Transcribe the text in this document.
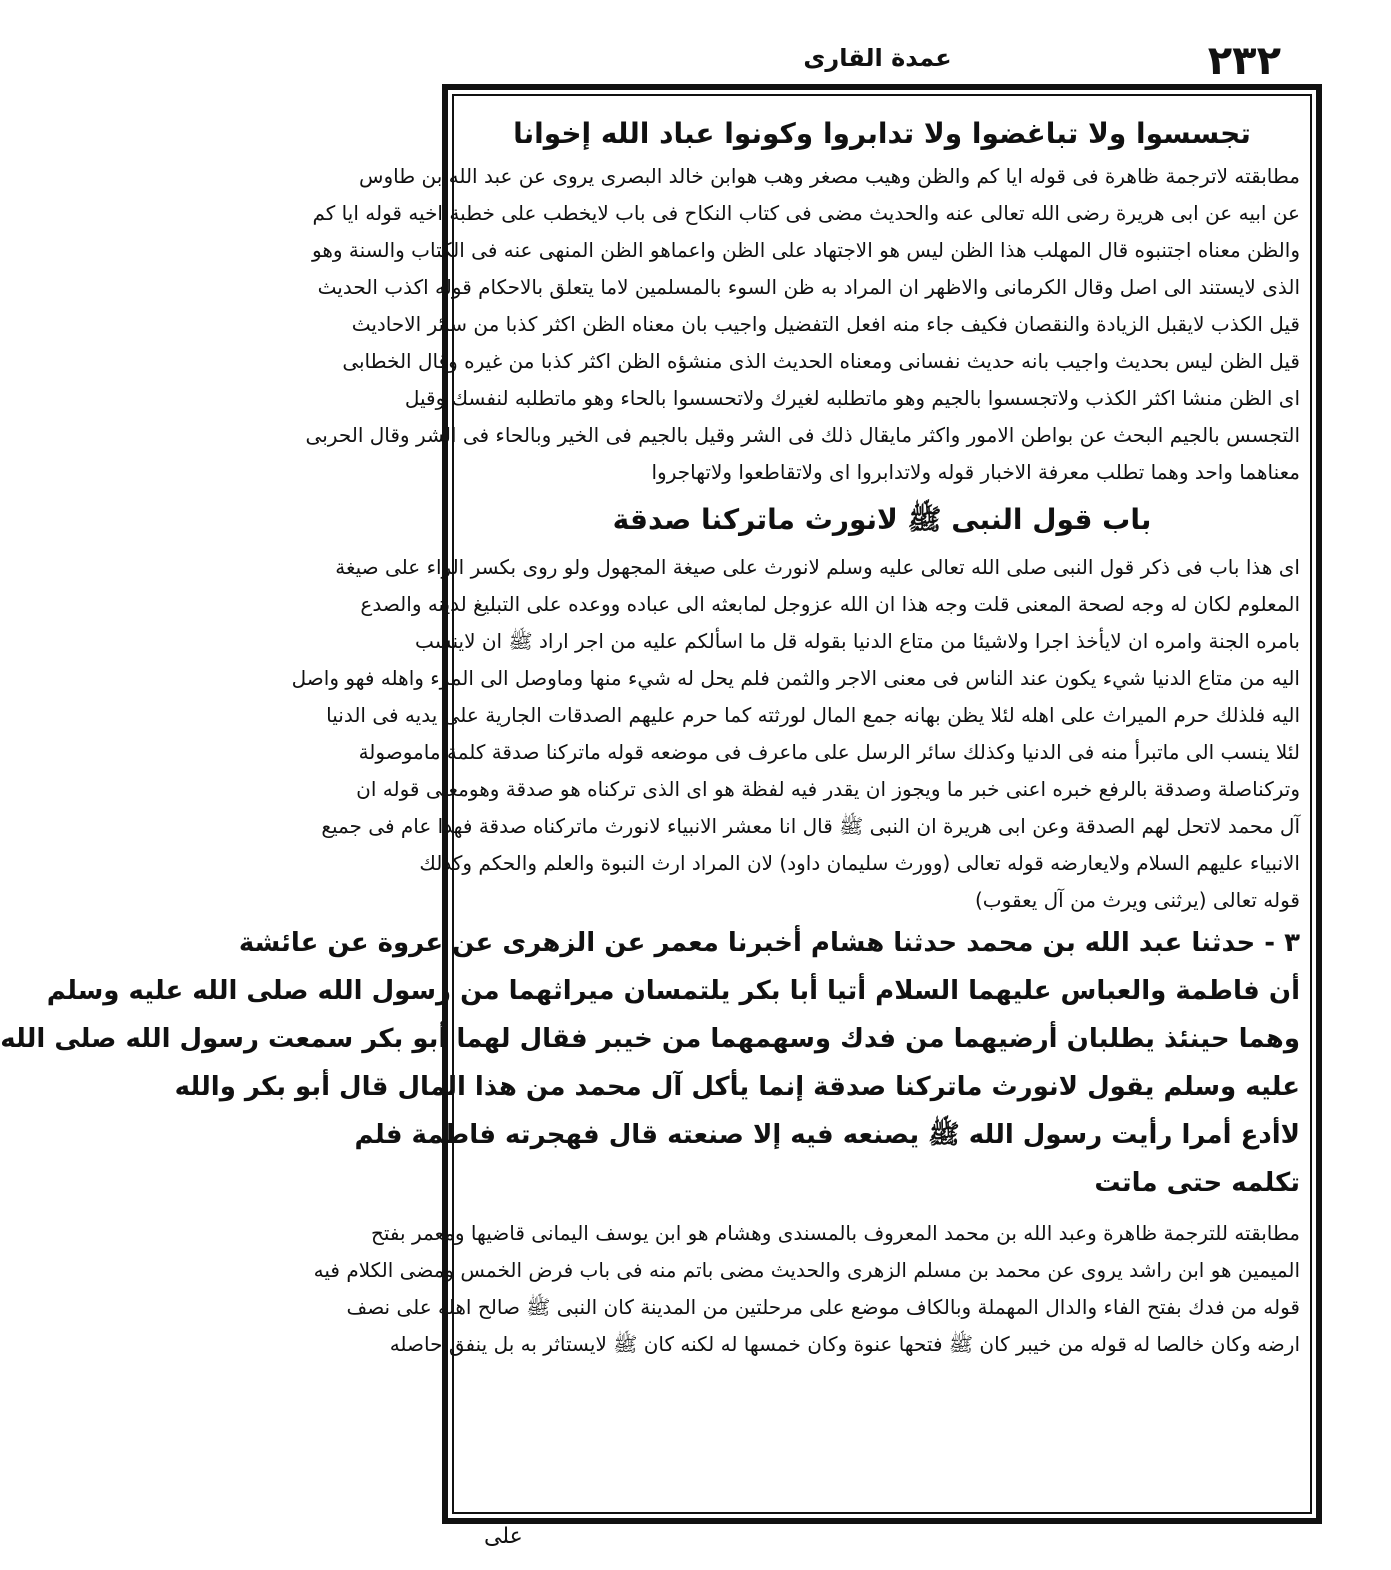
٢٣٢
عمدة القارى
تجسسوا ولا تباغضوا ولا تدابروا وكونوا عباد الله إخوانا
مطابقته لاترجمة ظاهرة فى قوله ايا كم والظن وهيب مصغر وهب هوابن خالد البصرى يروى عن عبد الله بن طاوس
عن ابيه عن ابى هريرة رضى الله تعالى عنه والحديث مضى فى كتاب النكاح فى باب لايخطب على خطبة اخيه قوله ايا كم
والظن معناه اجتنبوه قال المهلب هذا الظن ليس هو الاجتهاد على الظن واعماهو الظن المنهى عنه فى الكتاب والسنة وهو
الذى لايستند الى اصل وقال الكرمانى والاظهر ان المراد به ظن السوء بالمسلمين لاما يتعلق بالاحكام قوله اكذب الحديث
قيل الكذب لايقبل الزيادة والنقصان فكيف جاء منه افعل التفضيل واجيب بان معناه الظن اكثر كذبا من سائر الاحاديث
قيل الظن ليس بحديث واجيب بانه حديث نفسانى ومعناه الحديث الذى منشؤه الظن اكثر كذبا من غيره وقال الخطابى
اى الظن منشا اكثر الكذب ولاتجسسوا بالجيم وهو ماتطلبه لغيرك ولاتحسسوا بالحاء وهو ماتطلبه لنفسك وقيل
التجسس بالجيم البحث عن بواطن الامور واكثر مايقال ذلك فى الشر وقيل بالجيم فى الخير وبالحاء فى الشر وقال الحربى
معناهما واحد وهما تطلب معرفة الاخبار قوله ولاتدابروا اى ولاتقاطعوا ولاتهاجروا
باب قول النبى ﷺ لانورث ماتركنا صدقة
اى هذا باب فى ذكر قول النبى صلى الله تعالى عليه وسلم لانورث على صيغة المجهول ولو روى بكسر الراء على صيغة
المعلوم لكان له وجه لصحة المعنى قلت وجه هذا ان الله عزوجل لمابعثه الى عباده ووعده على التبليغ لدينه والصدع
بامره الجنة وامره ان لايأخذ اجرا ولاشيئا من متاع الدنيا بقوله قل ما اسألكم عليه من اجر اراد ﷺ ان لاينسب
اليه من متاع الدنيا شيء يكون عند الناس فى معنى الاجر والثمن فلم يحل له شيء منها وماوصل الى المرء واهله فهو واصل
اليه فلذلك حرم الميراث على اهله لئلا يظن بهانه جمع المال لورثته كما حرم عليهم الصدقات الجارية على يديه فى الدنيا
لئلا ينسب الى ماتبرأ منه فى الدنيا وكذلك سائر الرسل على ماعرف فى موضعه قوله ماتركنا صدقة كلمة ماموصولة
وتركناصلة وصدقة بالرفع خبره اعنى خبر ما ويجوز ان يقدر فيه لفظة هو اى الذى تركناه هو صدقة وهومعنى قوله ان
آل محمد لاتحل لهم الصدقة وعن ابى هريرة ان النبى ﷺ قال انا معشر الانبياء لانورث ماتركناه صدقة فهذا عام فى جميع
الانبياء عليهم السلام ولايعارضه قوله تعالى (وورث سليمان داود) لان المراد ارث النبوة والعلم والحكم وكذلك
قوله تعالى (يرثنى ويرث من آل يعقوب)
٣ - حدثنا عبد الله بن محمد حدثنا هشام أخبرنا معمر عن الزهرى عن عروة عن عائشة
أن فاطمة والعباس عليهما السلام أتيا أبا بكر يلتمسان ميراثهما من رسول الله صلى الله عليه وسلم
وهما حينئذ يطلبان أرضيهما من فدك وسهمهما من خيبر فقال لهما أبو بكر سمعت رسول الله صلى الله
عليه وسلم يقول لانورث ماتركنا صدقة إنما يأكل آل محمد من هذا المال قال أبو بكر والله
لاأدع أمرا رأيت رسول الله ﷺ يصنعه فيه إلا صنعته قال فهجرته فاطمة فلم
تكلمه حتى ماتت
مطابقته للترجمة ظاهرة وعبد الله بن محمد المعروف بالمسندى وهشام هو ابن يوسف اليمانى قاضيها ومعمر بفتح
الميمين هو ابن راشد يروى عن محمد بن مسلم الزهرى والحديث مضى باتم منه فى باب فرض الخمس ومضى الكلام فيه
قوله من فدك بفتح الفاء والدال المهملة وبالكاف موضع على مرحلتين من المدينة كان النبى ﷺ صالح اهله على نصف
ارضه وكان خالصا له قوله من خيبر كان ﷺ فتحها عنوة وكان خمسها له لكنه كان ﷺ لايستاثر به بل ينفق حاصله
على
